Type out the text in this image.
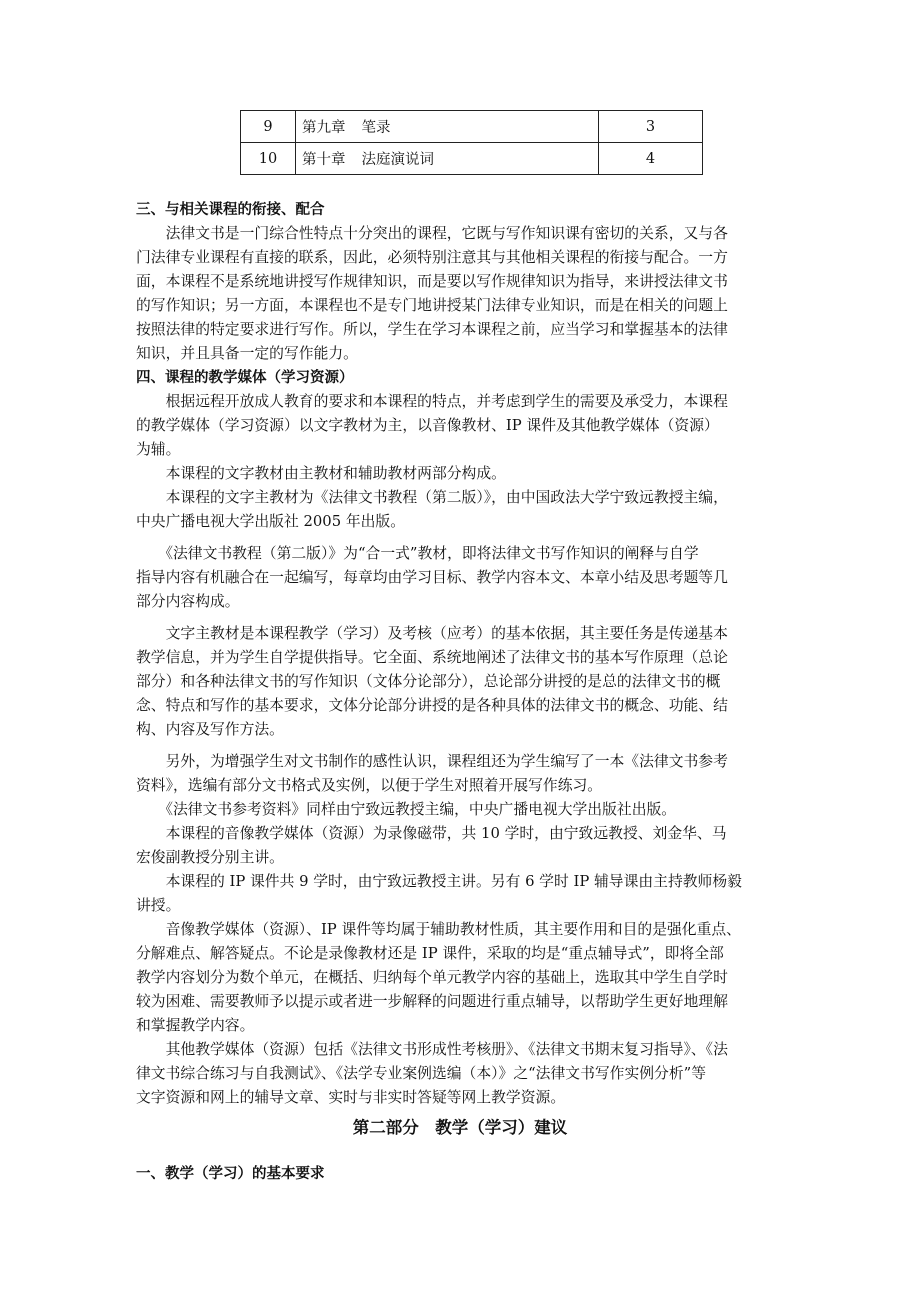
9	第九章 笔录	3
10	第十章 法庭演说词	4
三、与相关课程的衔接、配合
　　法律文书是一门综合性特点十分突出的课程，它既与写作知识课有密切的关系，又与各
门法律专业课程有直接的联系，因此，必须特别注意其与其他相关课程的衔接与配合。一方
面，本课程不是系统地讲授写作规律知识，而是要以写作规律知识为指导，来讲授法律文书
的写作知识；另一方面，本课程也不是专门地讲授某门法律专业知识，而是在相关的问题上
按照法律的特定要求进行写作。所以，学生在学习本课程之前，应当学习和掌握基本的法律
知识，并且具备一定的写作能力。
四、课程的教学媒体（学习资源）
　　根据远程开放成人教育的要求和本课程的特点，并考虑到学生的需要及承受力，本课程
的教学媒体（学习资源）以文字教材为主，以音像教材、IP 课件及其他教学媒体（资源）
为辅。
　　本课程的文字教材由主教材和辅助教材两部分构成。
　　本课程的文字主教材为《法律文书教程（第二版）》，由中国政法大学宁致远教授主编，
中央广播电视大学出版社 2005 年出版。
　　《法律文书教程（第二版）》为“合一式”教材，即将法律文书写作知识的阐释与自学
指导内容有机融合在一起编写，每章均由学习目标、教学内容本文、本章小结及思考题等几
部分内容构成。
　　文字主教材是本课程教学（学习）及考核（应考）的基本依据，其主要任务是传递基本
教学信息，并为学生自学提供指导。它全面、系统地阐述了法律文书的基本写作原理（总论
部分）和各种法律文书的写作知识（文体分论部分），总论部分讲授的是总的法律文书的概
念、特点和写作的基本要求，文体分论部分讲授的是各种具体的法律文书的概念、功能、结
构、内容及写作方法。
　　另外，为增强学生对文书制作的感性认识，课程组还为学生编写了一本《法律文书参考
资料》，选编有部分文书格式及实例，以便于学生对照着开展写作练习。
　　《法律文书参考资料》同样由宁致远教授主编，中央广播电视大学出版社出版。
　　本课程的音像教学媒体（资源）为录像磁带，共 10 学时，由宁致远教授、刘金华、马
宏俊副教授分别主讲。
　　本课程的 IP 课件共 9 学时，由宁致远教授主讲。另有 6 学时 IP 辅导课由主持教师杨毅
讲授。
　　音像教学媒体（资源）、IP 课件等均属于辅助教材性质，其主要作用和目的是强化重点、
分解难点、解答疑点。不论是录像教材还是 IP 课件，采取的均是“重点辅导式”，即将全部
教学内容划分为数个单元，在概括、归纳每个单元教学内容的基础上，选取其中学生自学时
较为困难、需要教师予以提示或者进一步解释的问题进行重点辅导，以帮助学生更好地理解
和掌握教学内容。
　　其他教学媒体（资源）包括《法律文书形成性考核册》、《法律文书期末复习指导》、《法
律文书综合练习与自我测试》、《法学专业案例选编（本）》之“法律文书写作实例分析”等
文字资源和网上的辅导文章、实时与非实时答疑等网上教学资源。
第二部分　教学（学习）建议
一、教学（学习）的基本要求
